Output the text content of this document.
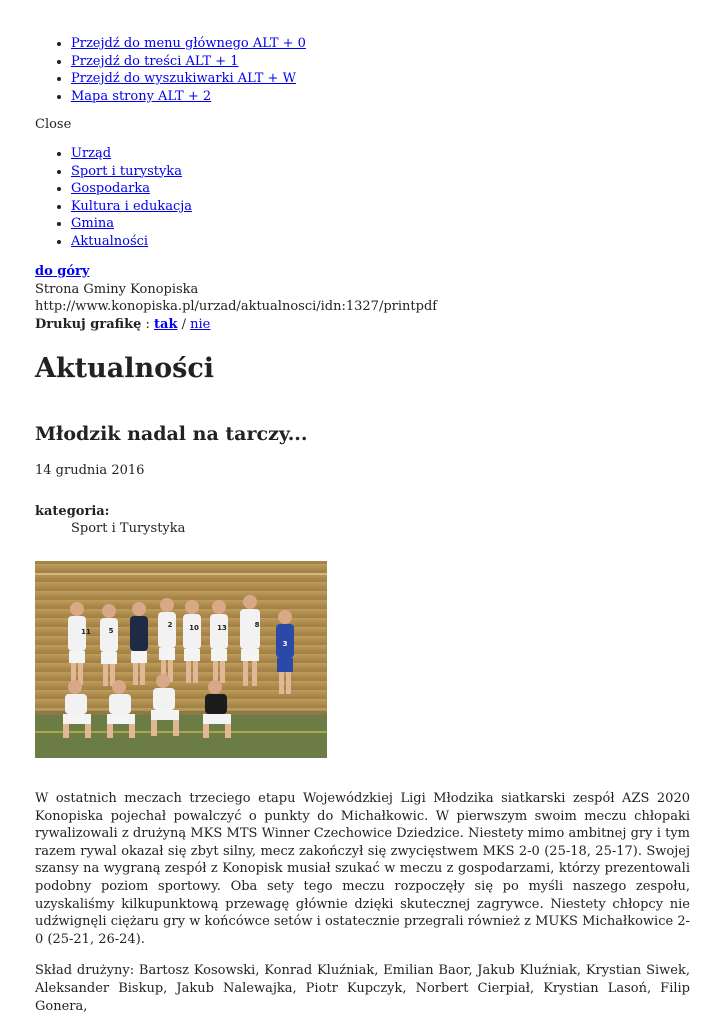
• Przejdź do menu głównego ALT + 0
• Przejdź do treści ALT + 1
• Przejdź do wyszukiwarki ALT + W
• Mapa strony ALT + 2
Close
• Urząd
• Sport i turystyka
• Gospodarka
• Kultura i edukacja
• Gmina
• Aktualności
do góry
Strona Gminy Konopiska
http://www.konopiska.pl/urzad/aktualnosci/idn:1327/printpdf
Drukuj grafikę : tak / nie
Aktualności
Młodzik nadal na tarczy...
14 grudnia 2016
kategoria:
Sport i Turystyka
11	5
2 10	13	8
3

W ostatnich meczach trzeciego etapu Wojewódzkiej Ligi Młodzika siatkarski zespół AZS 2020 Konopiska pojechał powalczyć o punkty do Michałkowic. W pierwszym swoim meczu chłopaki rywalizowali z drużyną MKS MTS Winner Czechowice Dziedzice. Niestety mimo ambitnej gry i tym razem rywal okazał się zbyt silny, mecz zakończył się zwycięstwem MKS 2-0 (25-18, 25-17). Swojej szansy na wygraną zespół z Konopisk musiał szukać w meczu z gospodarzami, którzy prezentowali podobny poziom sportowy. Oba sety tego meczu rozpoczęły się po myśli naszego zespołu, uzyskaliśmy kilkupunktową przewagę głównie dzięki skutecznej zagrywce. Niestety chłopcy nie udźwignęli ciężaru gry w końcówce setów i ostatecznie przegrali również z MUKS Michałkowice 2-0 (25-21, 26-24).

Skład drużyny: Bartosz Kosowski, Konrad Kluźniak, Emilian Baor, Jakub Kluźniak, Krystian Siwek, Aleksander Biskup, Jakub Nalewajka, Piotr Kupczyk, Norbert Cierpiał, Krystian Lasoń, Filip Gonera,
